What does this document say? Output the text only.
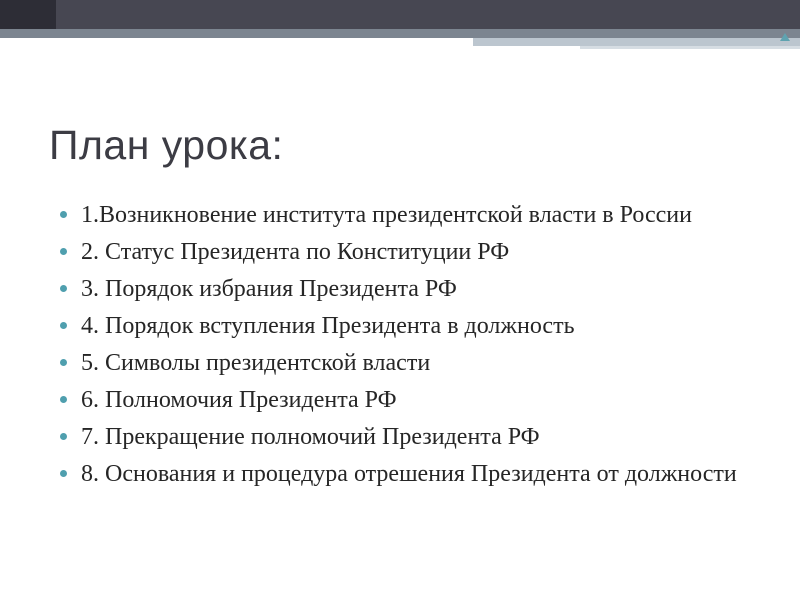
План урока:
1.Возникновение института президентской власти в России
2. Статус Президента по Конституции РФ
3. Порядок избрания Президента РФ
4. Порядок вступления Президента в должность
5. Символы президентской власти
6. Полномочия Президента РФ
7. Прекращение полномочий Президента РФ
8. Основания и процедура отрешения Президента от должности
